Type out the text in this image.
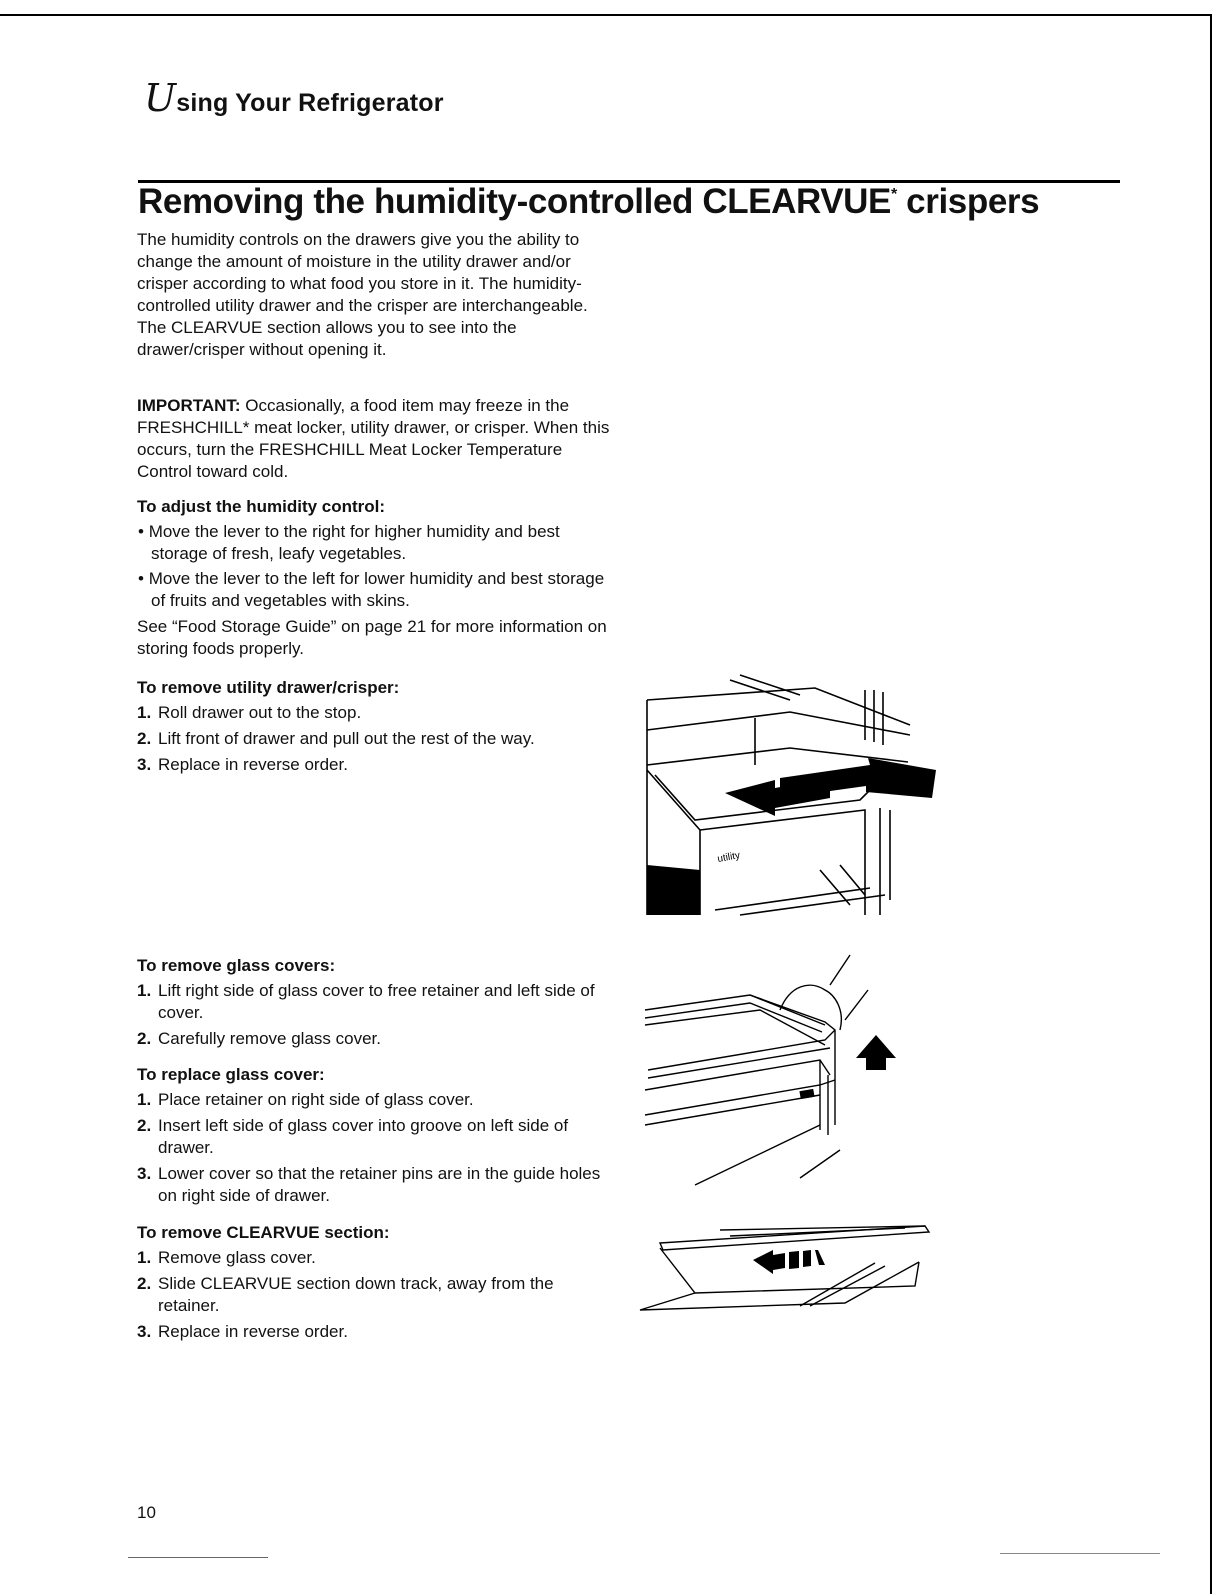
Using Your Refrigerator
Removing the humidity-controlled CLEARVUE* crispers

The humidity controls on the drawers give you the ability to change the amount of moisture in the utility drawer and/or crisper according to what food you store in it. The humidity-controlled utility drawer and the crisper are interchangeable. The CLEARVUE section allows you to see into the drawer/crisper without opening it.

IMPORTANT: Occasionally, a food item may freeze in the FRESHCHILL* meat locker, utility drawer, or crisper. When this occurs, turn the FRESHCHILL Meat Locker Temperature Control toward cold.

To adjust the humidity control:

• Move the lever to the right for higher humidity and best storage of fresh, leafy vegetables.

• Move the lever to the left for lower humidity and best storage of fruits and vegetables with skins.

See “Food Storage Guide” on page 21 for more information on storing foods properly.

To remove utility drawer/crisper:

1. Roll drawer out to the stop.

2. Lift front of drawer and pull out the rest of the way.

3. Replace in reverse order.

To remove glass covers:

1. Lift right side of glass cover to free retainer and left side of cover.

2. Carefully remove glass cover.

To replace glass cover:

1. Place retainer on right side of glass cover.

2. Insert left side of glass cover into groove on left side of drawer.

3. Lower cover so that the retainer pins are in the guide holes on right side of drawer.

To remove CLEARVUE section:

1. Remove glass cover.

2. Slide CLEARVUE section down track, away from the retainer.

3. Replace in reverse order.

utility
10
